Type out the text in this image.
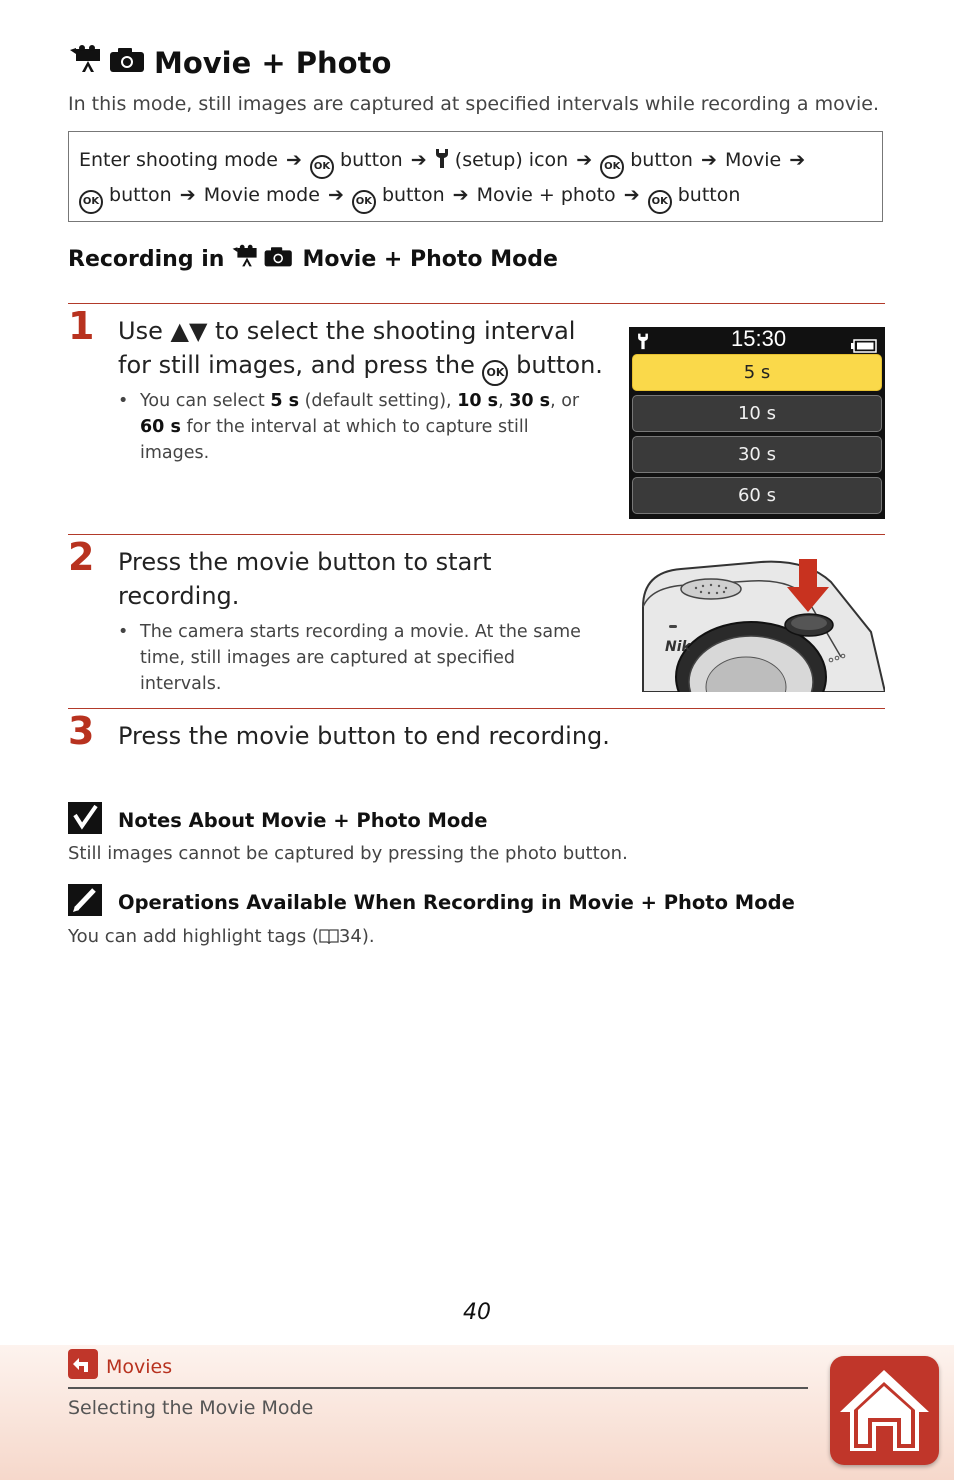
Movie + Photo
In this mode, still images are captured at specified intervals while recording a movie.
Enter shooting mode ➔ OK button ➔ (setup) icon ➔ OK button ➔ Movie ➔
OK button ➔ Movie mode ➔ OK button ➔ Movie + photo ➔ OK button
Recording in	Movie + Photo Mode
1 Use ▲▼ to select the shooting interval for still images, and press the OK button.
• You can select 5 s (default setting), 10 s, 30 s, or 60 s for the interval at which to capture still images.
15:30
5 s
10 s
30 s
60 s
2 Press the movie button to start recording.
• The camera starts recording a movie. At the same time, still images are captured at specified intervals.
Nik
3 Press the movie button to end recording.
Notes About Movie + Photo Mode
Still images cannot be captured by pressing the photo button.
Operations Available When Recording in Movie + Photo Mode
You can add highlight tags ( 34).
40
Movies
Selecting the Movie Mode
